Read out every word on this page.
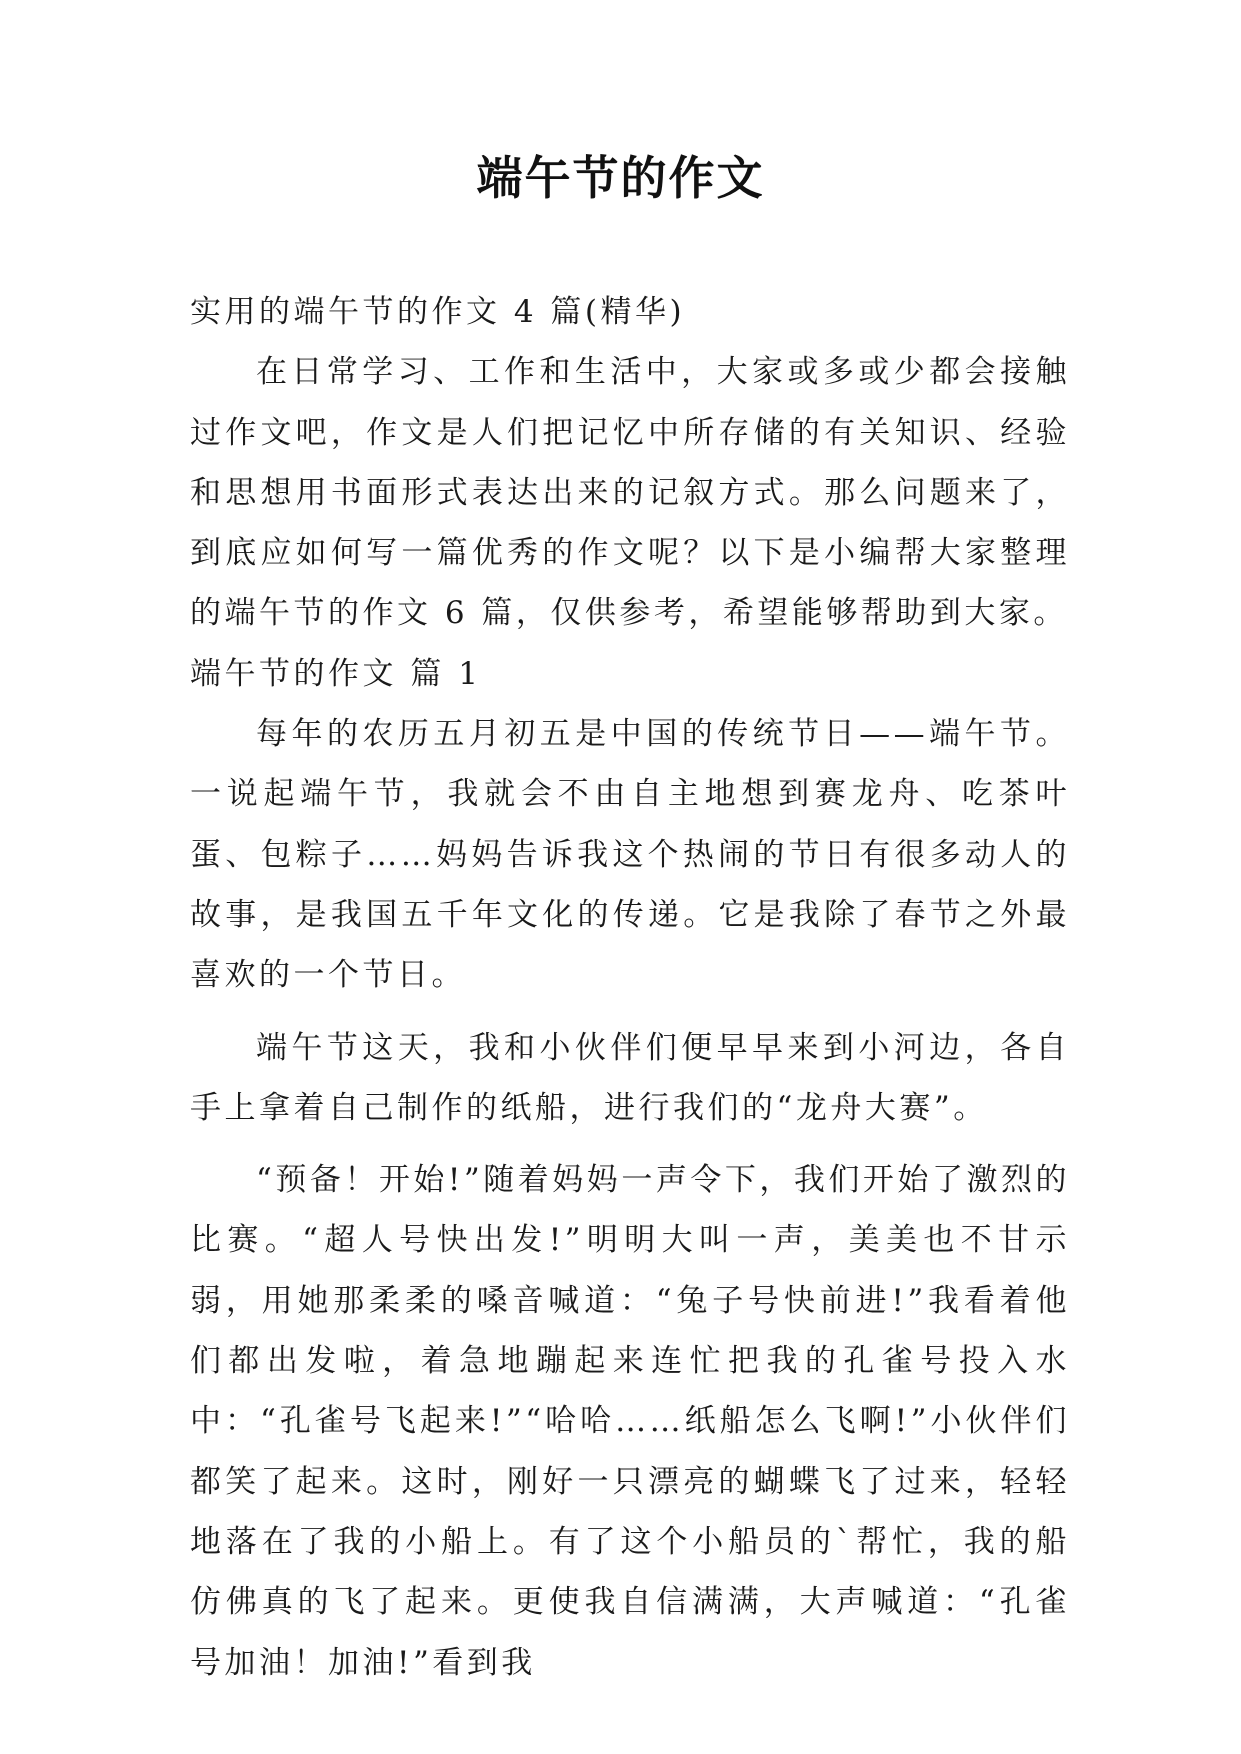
端午节的作文

实用的端午节的作文 4 篇(精华)

在日常学习、工作和生活中，大家或多或少都会接触过作文吧，作文是人们把记忆中所存储的有关知识、经验和思想用书面形式表达出来的记叙方式。那么问题来了，到底应如何写一篇优秀的作文呢？以下是小编帮大家整理的端午节的作文 6 篇，仅供参考，希望能够帮助到大家。

端午节的作文 篇 1

每年的农历五月初五是中国的传统节日——端午节。一说起端午节，我就会不由自主地想到赛龙舟、吃茶叶蛋、包粽子……妈妈告诉我这个热闹的节日有很多动人的故事，是我国五千年文化的传递。它是我除了春节之外最喜欢的一个节日。

端午节这天，我和小伙伴们便早早来到小河边，各自手上拿着自己制作的纸船，进行我们的“龙舟大赛”。

“预备！开始!”随着妈妈一声令下，我们开始了激烈的比赛。“超人号快出发!”明明大叫一声，美美也不甘示弱，用她那柔柔的嗓音喊道：“兔子号快前进!”我看着他们都出发啦，着急地蹦起来连忙把我的孔雀号投入水中：“孔雀号飞起来!”“哈哈……纸船怎么飞啊!”小伙伴们都笑了起来。这时，刚好一只漂亮的蝴蝶飞了过来，轻轻地落在了我的小船上。有了这个小船员的`帮忙，我的船仿佛真的飞了起来。更使我自信满满，大声喊道：“孔雀号加油！加油!”看到我
